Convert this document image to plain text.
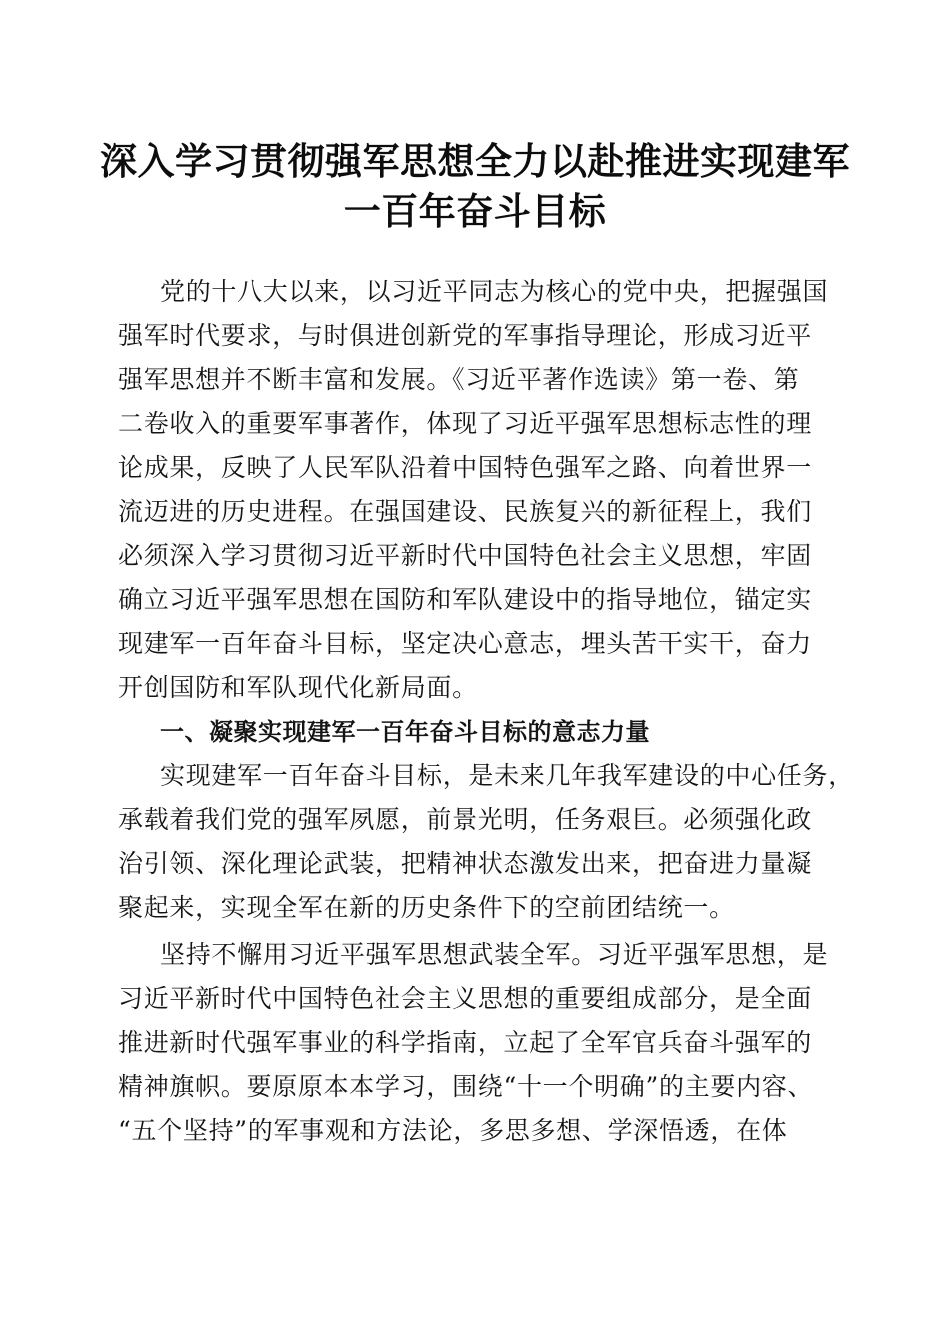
深入学习贯彻强军思想全力以赴推进实现建军
一百年奋斗目标
党的十八大以来，以习近平同志为核心的党中央，把握强国
强军时代要求，与时俱进创新党的军事指导理论，形成习近平
强军思想并不断丰富和发展。《习近平著作选读》第一卷、第
二卷收入的重要军事著作，体现了习近平强军思想标志性的理
论成果，反映了人民军队沿着中国特色强军之路、向着世界一
流迈进的历史进程。在强国建设、民族复兴的新征程上，我们
必须深入学习贯彻习近平新时代中国特色社会主义思想，牢固
确立习近平强军思想在国防和军队建设中的指导地位，锚定实
现建军一百年奋斗目标，坚定决心意志，埋头苦干实干，奋力
开创国防和军队现代化新局面。
一、凝聚实现建军一百年奋斗目标的意志力量
实现建军一百年奋斗目标，是未来几年我军建设的中心任务，
承载着我们党的强军夙愿，前景光明，任务艰巨。必须强化政
治引领、深化理论武装，把精神状态激发出来，把奋进力量凝
聚起来，实现全军在新的历史条件下的空前团结统一。
坚持不懈用习近平强军思想武装全军。习近平强军思想，是
习近平新时代中国特色社会主义思想的重要组成部分，是全面
推进新时代强军事业的科学指南，立起了全军官兵奋斗强军的
精神旗帜。要原原本本学习，围绕“十一个明确”的主要内容、
“五个坚持”的军事观和方法论，多思多想、学深悟透，在体
